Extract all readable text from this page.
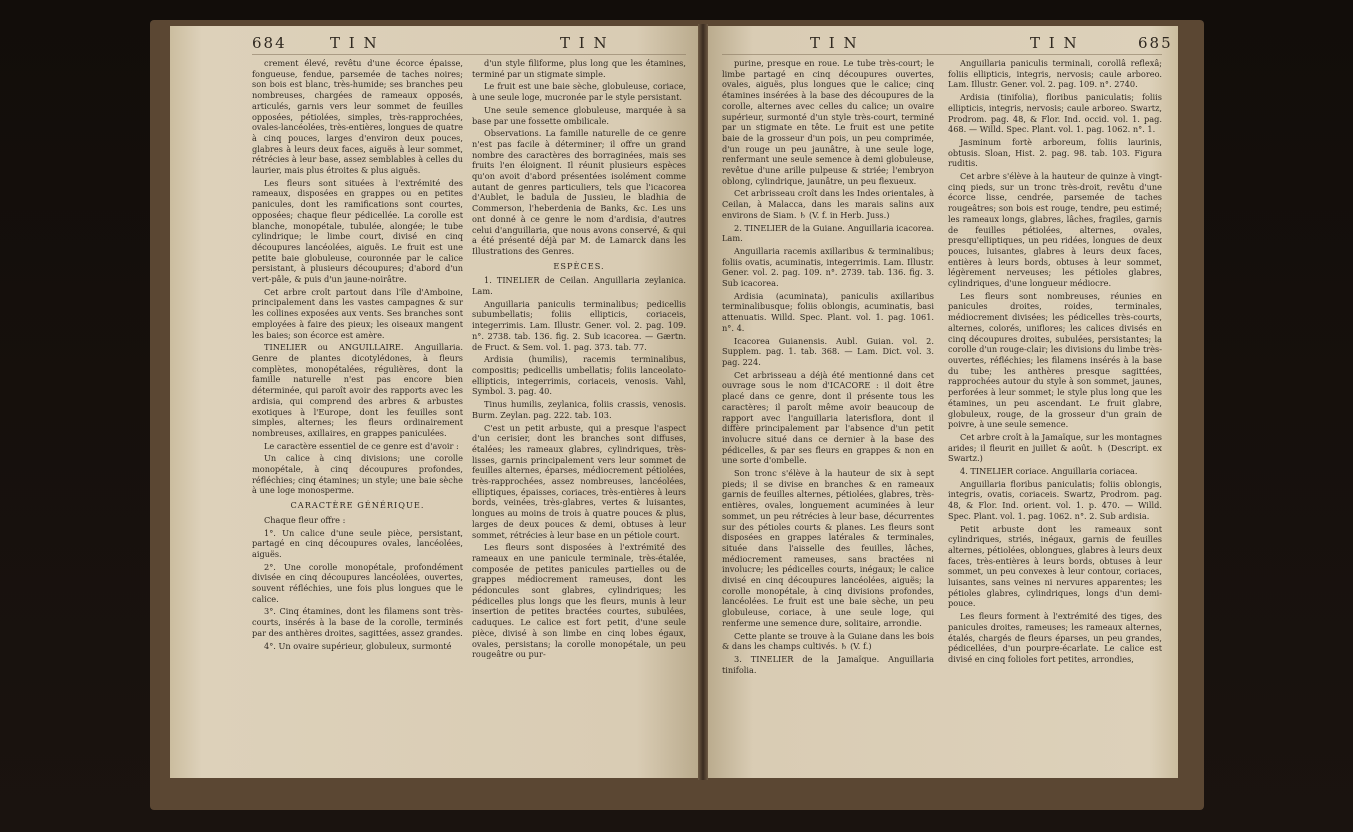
684	T I N	T I N	T I N	T I N	685

crement élevé, revêtu d'une écorce épaisse, fongueuse, fendue, parsemée de taches noires; son bois est blanc, très-humide; ses branches peu nombreuses, chargées de rameaux opposés, articulés, garnis vers leur sommet de feuilles opposées, pétiolées, simples, très-rapprochées, ovales-lancéolées, très-entières, longues de quatre à cinq pouces, larges d'environ deux pouces, glabres à leurs deux faces, aiguës à leur sommet, rétrécies à leur base, assez semblables à celles du laurier, mais plus étroites & plus aiguës.

Les fleurs sont situées à l'extrémité des rameaux, disposées en grappes ou en petites panicules, dont les ramifications sont courtes, opposées; chaque fleur pédicellée. La corolle est blanche, monopétale, tubulée, alongée; le tube cylindrique; le limbe court, divisé en cinq découpures lancéolées, aiguës. Le fruit est une petite baie globuleuse, couronnée par le calice persistant, à plusieurs découpures; d'abord d'un vert-pâle, & puis d'un jaune-noirâtre.

Cet arbre croît partout dans l'île d'Amboine, principalement dans les vastes campagnes & sur les collines exposées aux vents. Ses branches sont employées à faire des pieux; les oiseaux mangent les baies; son écorce est amère.

TINELIER ou ANGUILLAIRE. Anguillaria. Genre de plantes dicotylédones, à fleurs complètes, monopétalées, régulières, dont la famille naturelle n'est pas encore bien déterminée, qui paroît avoir des rapports avec les ardisia, qui comprend des arbres & arbustes exotiques à l'Europe, dont les feuilles sont simples, alternes; les fleurs ordinairement nombreuses, axillaires, en grappes paniculées.

Le caractère essentiel de ce genre est d'avoir :

Un calice à cinq divisions; une corolle monopétale, à cinq découpures profondes, réfléchies; cinq étamines; un style; une baie sèche à une loge monosperme.

CARACTÈRE GÉNÉRIQUE.

Chaque fleur offre :

1°. Un calice d'une seule pièce, persistant, partagé en cinq découpures ovales, lancéolées, aiguës.

2°. Une corolle monopétale, profondément divisée en cinq découpures lancéolées, ouvertes, souvent réfléchies, une fois plus longues que le calice.

3°. Cinq étamines, dont les filamens sont très-courts, insérés à la base de la corolle, terminés par des anthères droites, sagittées, assez grandes.

4°. Un ovaire supérieur, globuleux, surmonté

d'un style filiforme, plus long que les étamines, terminé par un stigmate simple.

Le fruit est une baie sèche, globuleuse, coriace, à une seule loge, mucronée par le style persistant.

Une seule semence globuleuse, marquée à sa base par une fossette ombilicale.

Observations. La famille naturelle de ce genre n'est pas facile à déterminer; il offre un grand nombre des caractères des borraginées, mais ses fruits l'en éloignent. Il réunit plusieurs espèces qu'on avoit d'abord présentées isolément comme autant de genres particuliers, tels que l'icacorea d'Aublet, le badula de Jussieu, le bladhia de Commerson, l'heberdenia de Banks, &c. Les uns ont donné à ce genre le nom d'ardisia, d'autres celui d'anguillaria, que nous avons conservé, & qui a été présenté déjà par M. de Lamarck dans les Illustrations des Genres.

ESPÈCES.

1. TINELIER de Ceilan. Anguillaria zeylanica. Lam.

Anguillaria paniculis terminalibus; pedicellis subumbellatis; foliis ellipticis, coriaceis, integerrimis. Lam. Illustr. Gener. vol. 2. pag. 109. n°. 2738. tab. 136. fig. 2. Sub icacorea. — Gærtn. de Fruct. & Sem. vol. 1. pag. 373. tab. 77.

Ardisia (humilis), racemis terminalibus, compositis; pedicellis umbellatis; foliis lanceolato-ellipticis, integerrimis, coriaceis, venosis. Vahl, Symbol. 3. pag. 40.

Tinus humilis, zeylanica, foliis crassis, venosis. Burm. Zeylan. pag. 222. tab. 103.

C'est un petit arbuste, qui a presque l'aspect d'un cerisier, dont les branches sont diffuses, étalées; les rameaux glabres, cylindriques, très-lisses, garnis principalement vers leur sommet de feuilles alternes, éparses, médiocrement pétiolées, très-rapprochées, assez nombreuses, lancéolées, elliptiques, épaisses, coriaces, très-entières à leurs bords, veinées, très-glabres, vertes & luisantes, longues au moins de trois à quatre pouces & plus, larges de deux pouces & demi, obtuses à leur sommet, rétrécies à leur base en un pétiole court.

Les fleurs sont disposées à l'extrémité des rameaux en une panicule terminale, très-étalée, composée de petites panicules partielles ou de grappes médiocrement rameuses, dont les pédoncules sont glabres, cylindriques; les pédicelles plus longs que les fleurs, munis à leur insertion de petites bractées courtes, subulées, caduques. Le calice est fort petit, d'une seule pièce, divisé à son limbe en cinq lobes égaux, ovales, persistans; la corolle monopétale, un peu rougeâtre ou pur-

purine, presque en roue. Le tube très-court; le limbe partagé en cinq découpures ouvertes, ovales, aiguës, plus longues que le calice; cinq étamines insérées à la base des découpures de la corolle, alternes avec celles du calice; un ovaire supérieur, surmonté d'un style très-court, terminé par un stigmate en tête. Le fruit est une petite baie de la grosseur d'un pois, un peu comprimée, d'un rouge un peu jaunâtre, à une seule loge, renfermant une seule semence à demi globuleuse, revêtue d'une arille pulpeuse & striée; l'embryon oblong, cylindrique, jaunâtre, un peu flexueux.

Cet arbrisseau croît dans les Indes orientales, à Ceilan, à Malacca, dans les marais salins aux environs de Siam. ♄ (V. f. in Herb. Juss.)

2. TINELIER de la Guiane. Anguillaria icacorea. Lam.

Anguillaria racemis axillaribus & terminalibus; foliis ovatis, acuminatis, integerrimis. Lam. Illustr. Gener. vol. 2. pag. 109. n°. 2739. tab. 136. fig. 3. Sub icacorea.

Ardisia (acuminata), paniculis axillaribus terminalibusque; foliis oblongis, acuminatis, basi attenuatis. Willd. Spec. Plant. vol. 1. pag. 1061. n°. 4.

Icacorea Guianensis. Aubl. Guian. vol. 2. Supplem. pag. 1. tab. 368. — Lam. Dict. vol. 3. pag. 224.

Cet arbrisseau a déjà été mentionné dans cet ouvrage sous le nom d'ICACORE : il doit être placé dans ce genre, dont il présente tous les caractères; il paroît même avoir beaucoup de rapport avec l'anguillaria laterisflora, dont il diffère principalement par l'absence d'un petit involucre situé dans ce dernier à la base des pédicelles, & par ses fleurs en grappes & non en une sorte d'ombelle.

Son tronc s'élève à la hauteur de six à sept pieds; il se divise en branches & en rameaux garnis de feuilles alternes, pétiolées, glabres, très-entières, ovales, longuement acuminées à leur sommet, un peu rétrécies à leur base, décurrentes sur des pétioles courts & planes. Les fleurs sont disposées en grappes latérales & terminales, située dans l'aisselle des feuilles, lâches, médiocrement rameuses, sans bractées ni involucre; les pédicelles courts, inégaux; le calice divisé en cinq découpures lancéolées, aiguës; la corolle monopétale, à cinq divisions profondes, lancéolées. Le fruit est une baie sèche, un peu globuleuse, coriace, à une seule loge, qui renferme une semence dure, solitaire, arrondie.

Cette plante se trouve à la Guiane dans les bois & dans les champs cultivés. ♄ (V. f.)

3. TINELIER de la Jamaïque. Anguillaria tinifolia.

Anguillaria paniculis terminali, corollâ reflexâ; foliis ellipticis, integris, nervosis; caule arboreo. Lam. Illustr. Gener. vol. 2. pag. 109. n°. 2740.

Ardisia (tinifolia), floribus paniculatis; foliis ellipticis, integris, nervosis; caule arboreo. Swartz, Prodrom. pag. 48, & Flor. Ind. occid. vol. 1. pag. 468. — Willd. Spec. Plant. vol. 1. pag. 1062. n°. 1.

Jasminum fortè arboreum, foliis laurinis, obtusis. Sloan, Hist. 2. pag. 98. tab. 103. Figura ruditis.

Cet arbre s'élève à la hauteur de quinze à vingt-cinq pieds, sur un tronc très-droit, revêtu d'une écorce lisse, cendrée, parsemée de taches rougeâtres; son bois est rouge, tendre, peu estimé; les rameaux longs, glabres, lâches, fragiles, garnis de feuilles pétiolées, alternes, ovales, presqu'elliptiques, un peu ridées, longues de deux pouces, luisantes, glabres à leurs deux faces, entières à leurs bords, obtuses à leur sommet, légèrement nerveuses; les pétioles glabres, cylindriques, d'une longueur médiocre.

Les fleurs sont nombreuses, réunies en panicules droites, roides, terminales, médiocrement divisées; les pédicelles très-courts, alternes, colorés, uniflores; les calices divisés en cinq découpures droites, subulées, persistantes; la corolle d'un rouge-clair; les divisions du limbe très-ouvertes, réfléchies; les filamens insérés à la base du tube; les anthères presque sagittées, rapprochées autour du style à son sommet, jaunes, perforées à leur sommet; le style plus long que les étamines, un peu ascendant. Le fruit glabre, globuleux, rouge, de la grosseur d'un grain de poivre, à une seule semence.

Cet arbre croît à la Jamaïque, sur les montagnes arides; il fleurit en juillet & août. ♄ (Descript. ex Swartz.)

4. TINELIER coriace. Anguillaria coriacea.

Anguillaria floribus paniculatis; foliis oblongis, integris, ovatis, coriaceis. Swartz, Prodrom. pag. 48, & Flor. Ind. orient. vol. 1. p. 470. — Willd. Spec. Plant. vol. 1. pag. 1062. n°. 2. Sub ardisia.

Petit arbuste dont les rameaux sont cylindriques, striés, inégaux, garnis de feuilles alternes, pétiolées, oblongues, glabres à leurs deux faces, très-entières à leurs bords, obtuses à leur sommet, un peu convexes à leur contour, coriaces, luisantes, sans veines ni nervures apparentes; les pétioles glabres, cylindriques, longs d'un demi-pouce.

Les fleurs forment à l'extrémité des tiges, des panicules droites, rameuses; les rameaux alternes, étalés, chargés de fleurs éparses, un peu grandes, pédicellées, d'un pourpre-écarlate. Le calice est divisé en cinq folioles fort petites, arrondies,
